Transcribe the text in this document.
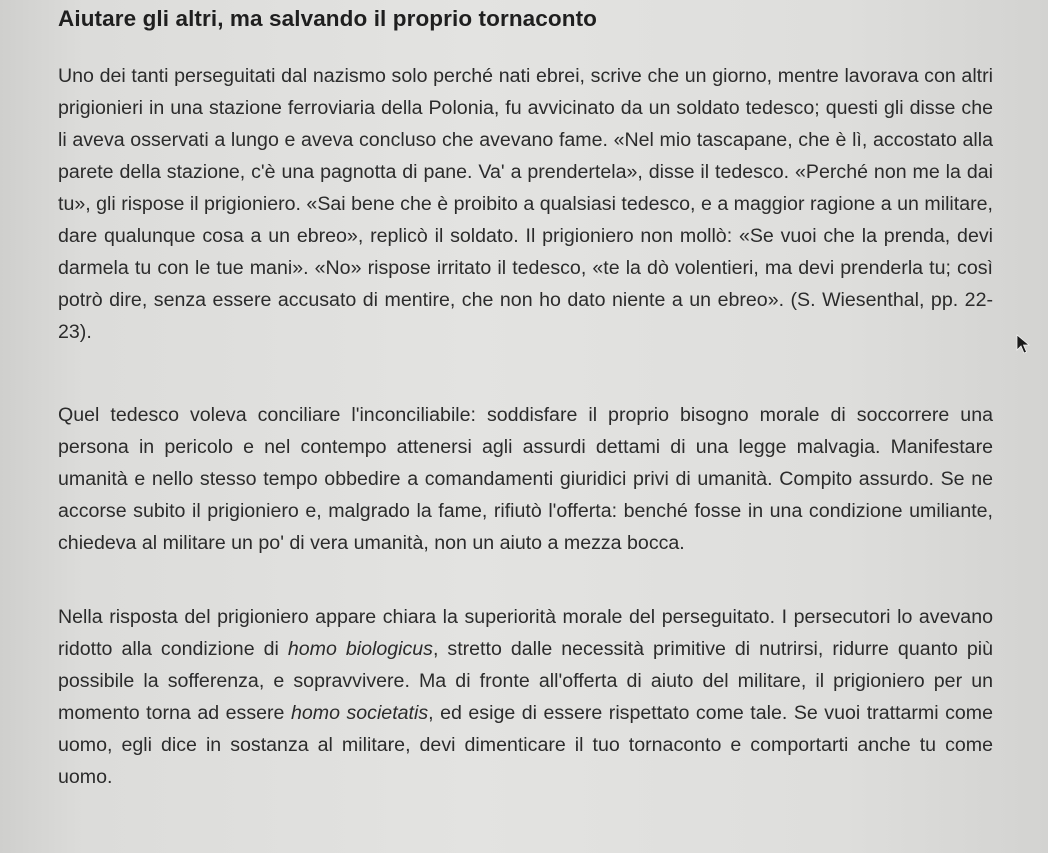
Aiutare gli altri, ma salvando il proprio tornaconto

Uno dei tanti perseguitati dal nazismo solo perché nati ebrei, scrive che un giorno, mentre lavorava con altri prigionieri in una stazione ferroviaria della Polonia, fu avvicinato da un soldato tedesco; questi gli disse che li aveva osservati a lungo e aveva concluso che avevano fame. «Nel mio tascapane, che è lì, accostato alla parete della stazione, c'è una pagnotta di pane. Va' a prendertela», disse il tedesco. «Perché non me la dai tu», gli rispose il prigioniero. «Sai bene che è proibito a qualsiasi tedesco, e a maggior ragione a un militare, dare qualunque cosa a un ebreo», replicò il soldato. Il prigioniero non mollò: «Se vuoi che la prenda, devi darmela tu con le tue mani». «No» rispose irritato il tedesco, «te la dò volentieri, ma devi prenderla tu; così potrò dire, senza essere accusato di mentire, che non ho dato niente a un ebreo». (S. Wiesenthal, pp. 22-23).

Quel tedesco voleva conciliare l'inconciliabile: soddisfare il proprio bisogno morale di soccorrere una persona in pericolo e nel contempo attenersi agli assurdi dettami di una legge malvagia. Manifestare umanità e nello stesso tempo obbedire a comandamenti giuridici privi di umanità. Compito assurdo. Se ne accorse subito il prigioniero e, malgrado la fame, rifiutò l'offerta: benché fosse in una condizione umiliante, chiedeva al militare un po' di vera umanità, non un aiuto a mezza bocca.

Nella risposta del prigioniero appare chiara la superiorità morale del perseguitato. I persecutori lo avevano ridotto alla condizione di homo biologicus, stretto dalle necessità primitive di nutrirsi, ridurre quanto più possibile la sofferenza, e sopravvivere. Ma di fronte all'offerta di aiuto del militare, il prigioniero per un momento torna ad essere homo societatis, ed esige di essere rispettato come tale. Se vuoi trattarmi come uomo, egli dice in sostanza al militare, devi dimenticare il tuo tornaconto e comportarti anche tu come uomo.
